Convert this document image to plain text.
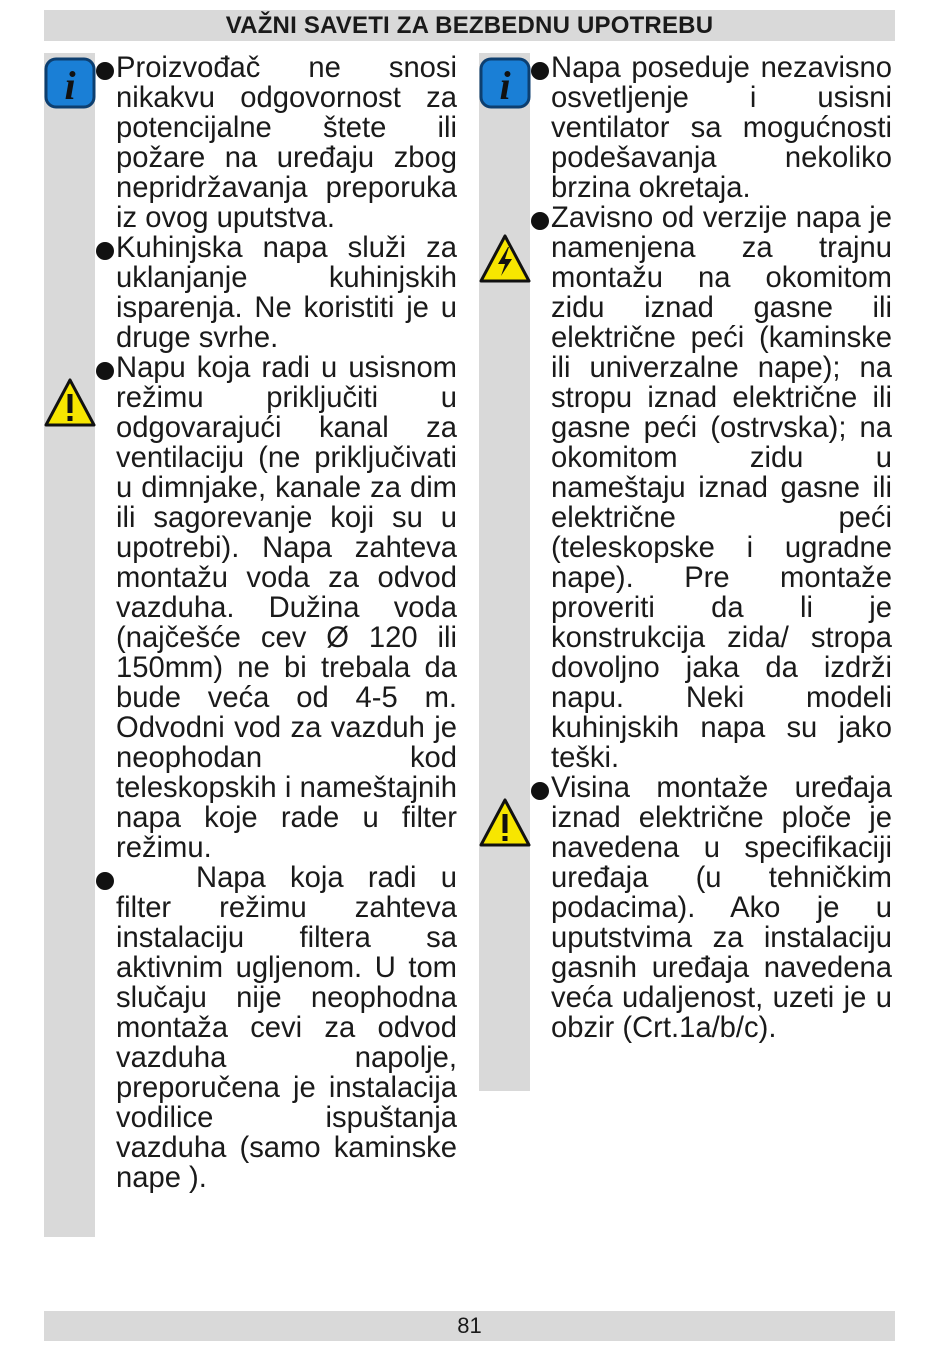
VAŽNI SAVETI ZA BEZBEDNU UPOTREBU
i	i

Proizvođač ne snosi nikakvu odgovornost za potencijalne štete ili požare na uređaju zbog nepridržavanja preporuka iz ovog uputstva.

Kuhinjska napa služi za uklanjanje kuhinjskih isparenja. Ne koristiti je u druge svrhe.

Napu koja radi u usisnom režimu priključiti u odgovarajući kanal za ventilaciju (ne priključivati u dimnjake, kanale za dim ili sagorevanje koji su u upotrebi). Napa zahteva montažu voda za odvod vazduha. Dužina voda (najčešće cev Ø 120 ili 150mm) ne bi trebala da bude veća od 4-5 m. Odvodni vod za vazduh je neophodan kod teleskopskih i nameštajnih napa koje rade u filter režimu.

Napa koja radi u filter režimu zahteva instalaciju filtera sa aktivnim ugljenom. U tom slučaju nije neophodna montaža cevi za odvod vazduha napolje, preporučena je instalacija vodilice ispuštanja vazduha (samo kaminske nape ).

Napa poseduje nezavisno osvetljenje i usisni ventilator sa mogućnosti podešavanja nekoliko brzina okretaja.

Zavisno od verzije napa je namenjena za trajnu montažu na okomitom zidu iznad gasne ili električne peći (kaminske ili univerzalne nape); na stropu iznad električne ili gasne peći (ostrvska); na okomitom zidu u nameštaju iznad gasne ili električne peći (teleskopske i ugradne nape). Pre montaže proveriti da li je konstrukcija zida/ stropa dovoljno jaka da izdrži napu. Neki modeli kuhinjskih napa su jako teški.

Visina montaže uređaja iznad električne ploče je navedena u specifikaciji uređaja (u tehničkim podacima). Ako je u uputstvima za instalaciju gasnih uređaja navedena veća udaljenost, uzeti je u obzir (Crt.1a/b/c).

81
